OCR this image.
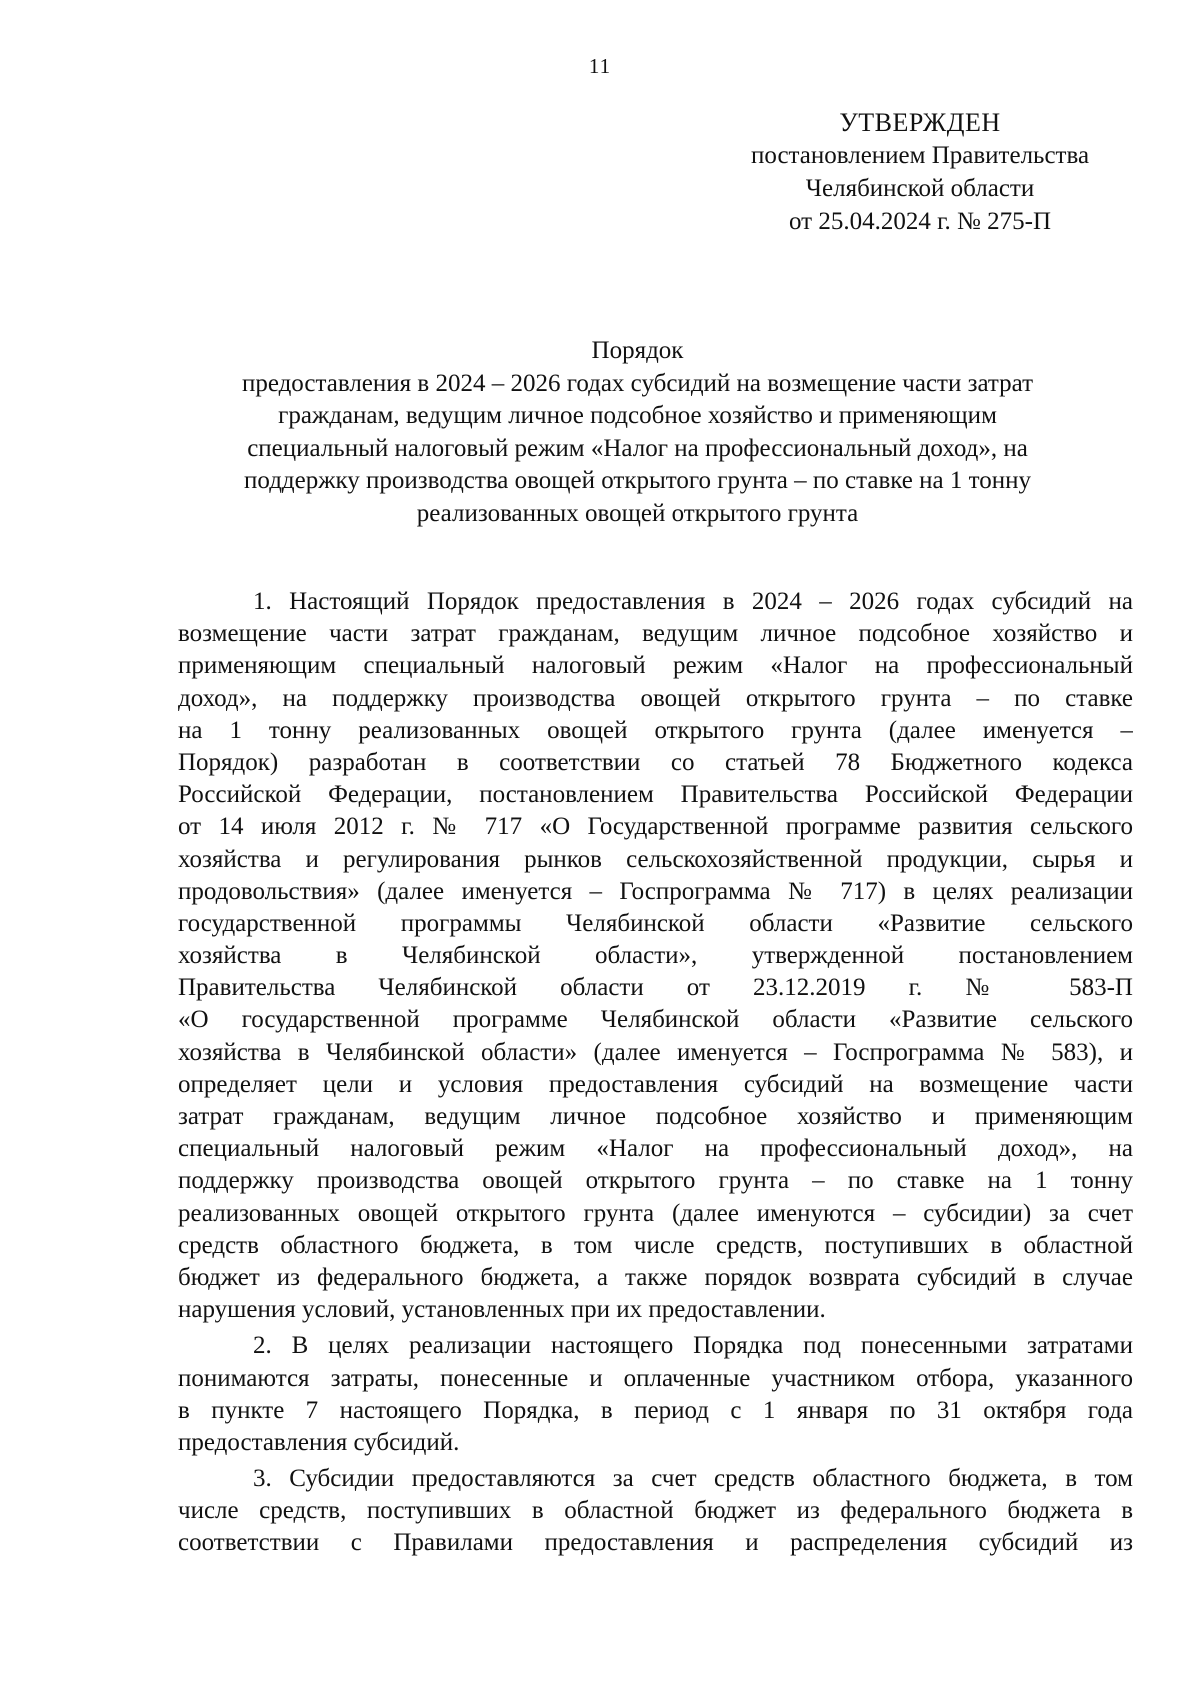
11
УТВЕРЖДЕН
постановлением Правительства
Челябинской области
от 25.04.2024 г. № 275-П
Порядок
предоставления в 2024 – 2026 годах субсидий на возмещение части затрат
гражданам, ведущим личное подсобное хозяйство и применяющим
специальный налоговый режим «Налог на профессиональный доход», на
поддержку производства овощей открытого грунта – по ставке на 1 тонну
реализованных овощей открытого грунта
1. Настоящий Порядок предоставления в 2024 – 2026 годах субсидий на
возмещение части затрат гражданам, ведущим личное подсобное хозяйство и
применяющим специальный налоговый режим «Налог на профессиональный
доход», на поддержку производства овощей открытого грунта – по ставке
на 1 тонну реализованных овощей открытого грунта (далее именуется –
Порядок) разработан в соответствии со статьей 78 Бюджетного кодекса
Российской Федерации, постановлением Правительства Российской Федерации
от 14 июля 2012 г. № 717 «О Государственной программе развития сельского
хозяйства и регулирования рынков сельскохозяйственной продукции, сырья и
продовольствия» (далее именуется – Госпрограмма № 717) в целях реализации
государственной программы Челябинской области «Развитие сельского
хозяйства в Челябинской области», утвержденной постановлением
Правительства Челябинской области от 23.12.2019 г. № 583-П
«О государственной программе Челябинской области «Развитие сельского
хозяйства в Челябинской области» (далее именуется – Госпрограмма № 583), и
определяет цели и условия предоставления субсидий на возмещение части
затрат гражданам, ведущим личное подсобное хозяйство и применяющим
специальный налоговый режим «Налог на профессиональный доход», на
поддержку производства овощей открытого грунта – по ставке на 1 тонну
реализованных овощей открытого грунта (далее именуются – субсидии) за счет
средств областного бюджета, в том числе средств, поступивших в областной
бюджет из федерального бюджета, а также порядок возврата субсидий в случае
нарушения условий, установленных при их предоставлении.
2. В целях реализации настоящего Порядка под понесенными затратами
понимаются затраты, понесенные и оплаченные участником отбора, указанного
в пункте 7 настоящего Порядка, в период с 1 января по 31 октября года
предоставления субсидий.
3. Субсидии предоставляются за счет средств областного бюджета, в том
числе средств, поступивших в областной бюджет из федерального бюджета в
соответствии с Правилами предоставления и распределения субсидий из
